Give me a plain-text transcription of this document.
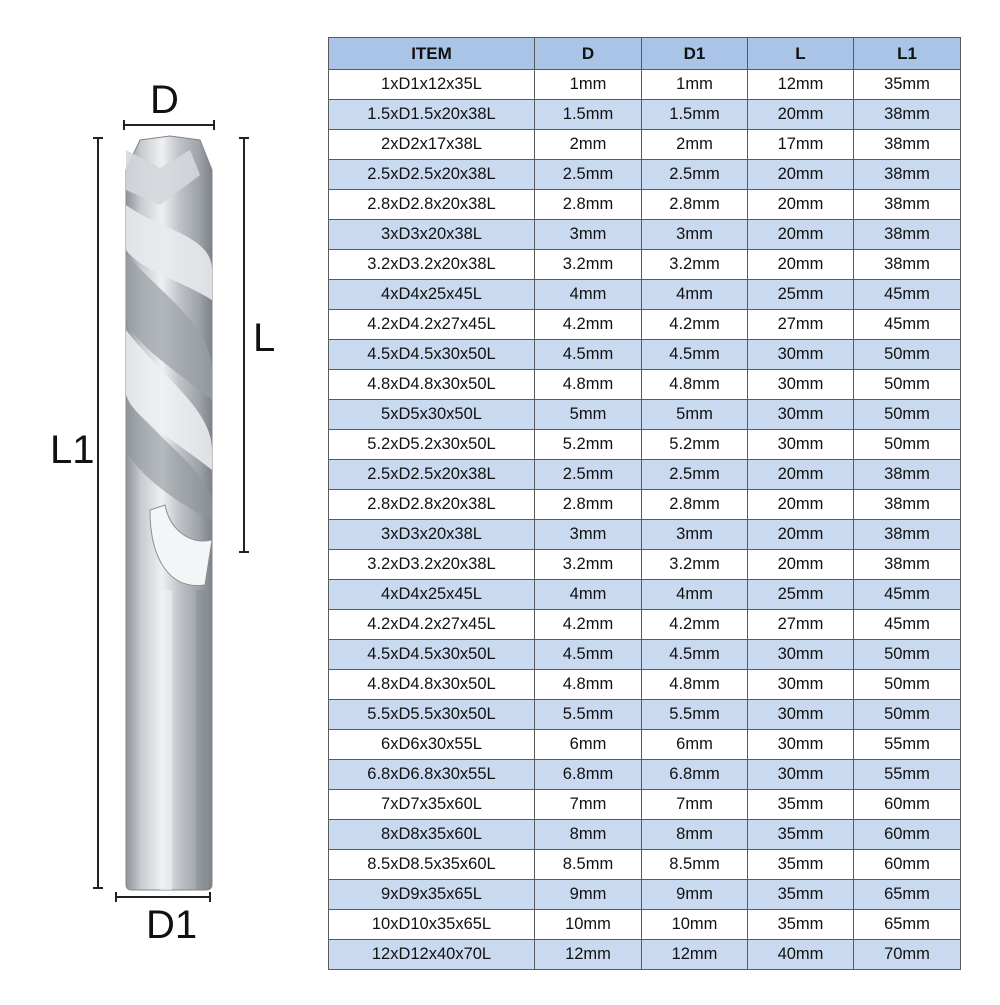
D
L
L1
D1
ITEM	D	D1	L	L1
1xD1x12x35L	1mm	1mm	12mm	35mm
1.5xD1.5x20x38L	1.5mm	1.5mm	20mm	38mm
2xD2x17x38L	2mm	2mm	17mm	38mm
2.5xD2.5x20x38L	2.5mm	2.5mm	20mm	38mm
2.8xD2.8x20x38L	2.8mm	2.8mm	20mm	38mm
3xD3x20x38L	3mm	3mm	20mm	38mm
3.2xD3.2x20x38L	3.2mm	3.2mm	20mm	38mm
4xD4x25x45L	4mm	4mm	25mm	45mm
4.2xD4.2x27x45L	4.2mm	4.2mm	27mm	45mm
4.5xD4.5x30x50L	4.5mm	4.5mm	30mm	50mm
4.8xD4.8x30x50L	4.8mm	4.8mm	30mm	50mm
5xD5x30x50L	5mm	5mm	30mm	50mm
5.2xD5.2x30x50L	5.2mm	5.2mm	30mm	50mm
2.5xD2.5x20x38L	2.5mm	2.5mm	20mm	38mm
2.8xD2.8x20x38L	2.8mm	2.8mm	20mm	38mm
3xD3x20x38L	3mm	3mm	20mm	38mm
3.2xD3.2x20x38L	3.2mm	3.2mm	20mm	38mm
4xD4x25x45L	4mm	4mm	25mm	45mm
4.2xD4.2x27x45L	4.2mm	4.2mm	27mm	45mm
4.5xD4.5x30x50L	4.5mm	4.5mm	30mm	50mm
4.8xD4.8x30x50L	4.8mm	4.8mm	30mm	50mm
5.5xD5.5x30x50L	5.5mm	5.5mm	30mm	50mm
6xD6x30x55L	6mm	6mm	30mm	55mm
6.8xD6.8x30x55L	6.8mm	6.8mm	30mm	55mm
7xD7x35x60L	7mm	7mm	35mm	60mm
8xD8x35x60L	8mm	8mm	35mm	60mm
8.5xD8.5x35x60L	8.5mm	8.5mm	35mm	60mm
9xD9x35x65L	9mm	9mm	35mm	65mm
10xD10x35x65L	10mm	10mm	35mm	65mm
12xD12x40x70L	12mm	12mm	40mm	70mm
